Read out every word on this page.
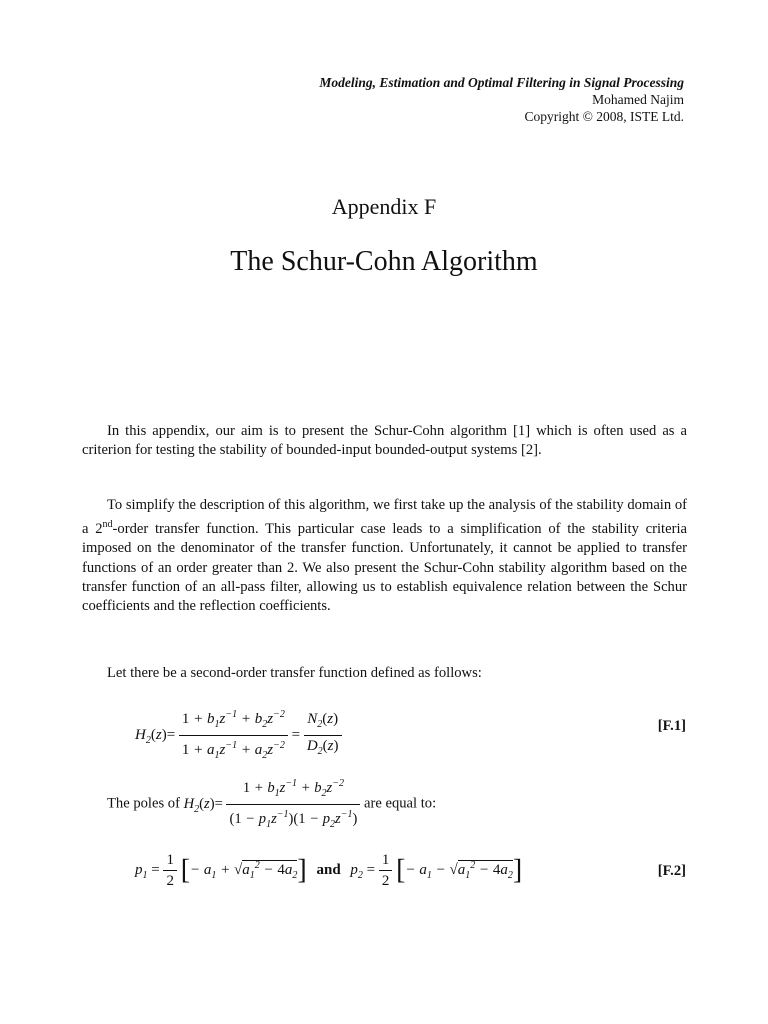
Modeling, Estimation and Optimal Filtering in Signal Processing
Mohamed Najim
Copyright © 2008, ISTE Ltd.
Appendix F
The Schur-Cohn Algorithm

In this appendix, our aim is to present the Schur-Cohn algorithm [1] which is often used as a criterion for testing the stability of bounded-input bounded-output systems [2].

To simplify the description of this algorithm, we first take up the analysis of the stability domain of a 2nd-order transfer function. This particular case leads to a simplification of the stability criteria imposed on the denominator of the transfer function. Unfortunately, it cannot be applied to transfer functions of an order greater than 2. We also present the Schur-Cohn stability algorithm based on the transfer function of an all-pass filter, allowing us to establish equivalence relation between the Schur coefficients and the reflection coefficients.

Let there be a second-order transfer function defined as follows:
$H_2(z)= \frac{1 + b_1z^{-1} + b_2z^{-2}}{1 + a_1z^{-1} + a_2z^{-2}} = \frac{N_2(z)}{D_2(z)}$	[F.1]
The poles of $H_2(z)= \frac{1 + b_1z^{-1} + b_2z^{-2}}{(1 - p_1z^{-1})(1 - p_2z^{-1})}$ are equal to:
$p_1 = \frac{1}{2}$ [− $a_1 + √a_1^2 - 4a_2$] and $p_2 = \frac{1}{2}$ [− $a_1 - √a_1^2 - 4a_2$]	[F.2]
